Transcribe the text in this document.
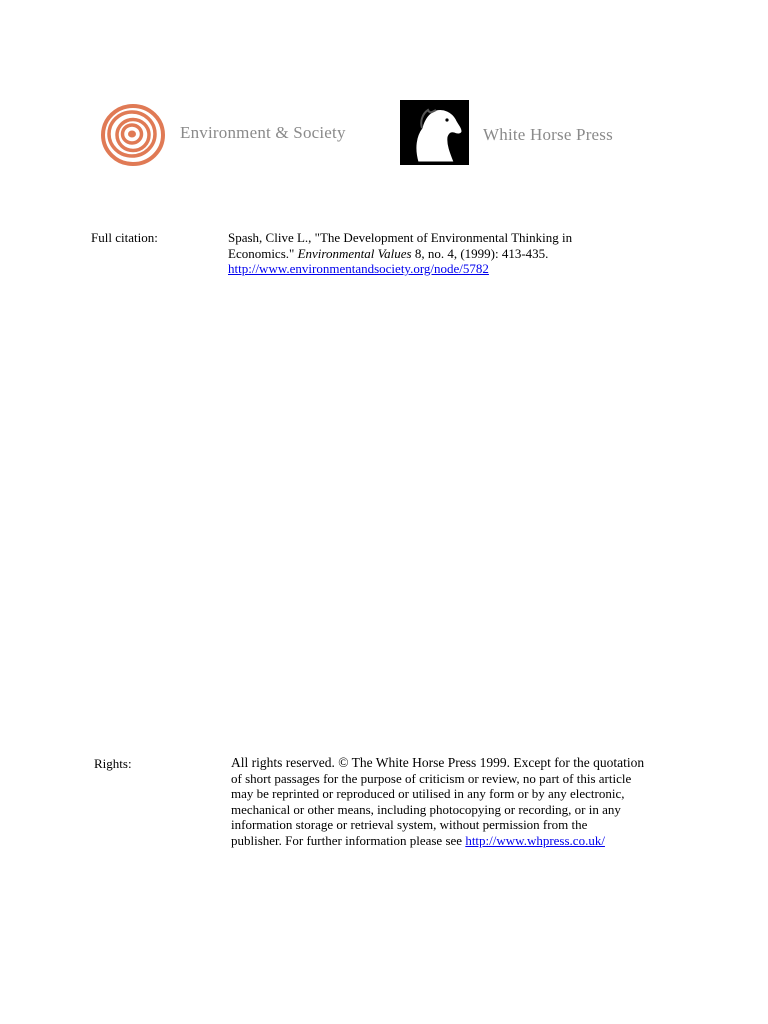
Environment & Society	White Horse Press
Full citation:	Spash, Clive L., "The Development of Environmental Thinking in
Economics." Environmental Values 8, no. 4, (1999): 413-435.
http://www.environmentandsociety.org/node/5782
Rights:	All rights reserved. © The White Horse Press 1999. Except for the quotation
of short passages for the purpose of criticism or review, no part of this article
may be reprinted or reproduced or utilised in any form or by any electronic,
mechanical or other means, including photocopying or recording, or in any
information storage or retrieval system, without permission from the
publisher. For further information please see http://www.whpress.co.uk/
